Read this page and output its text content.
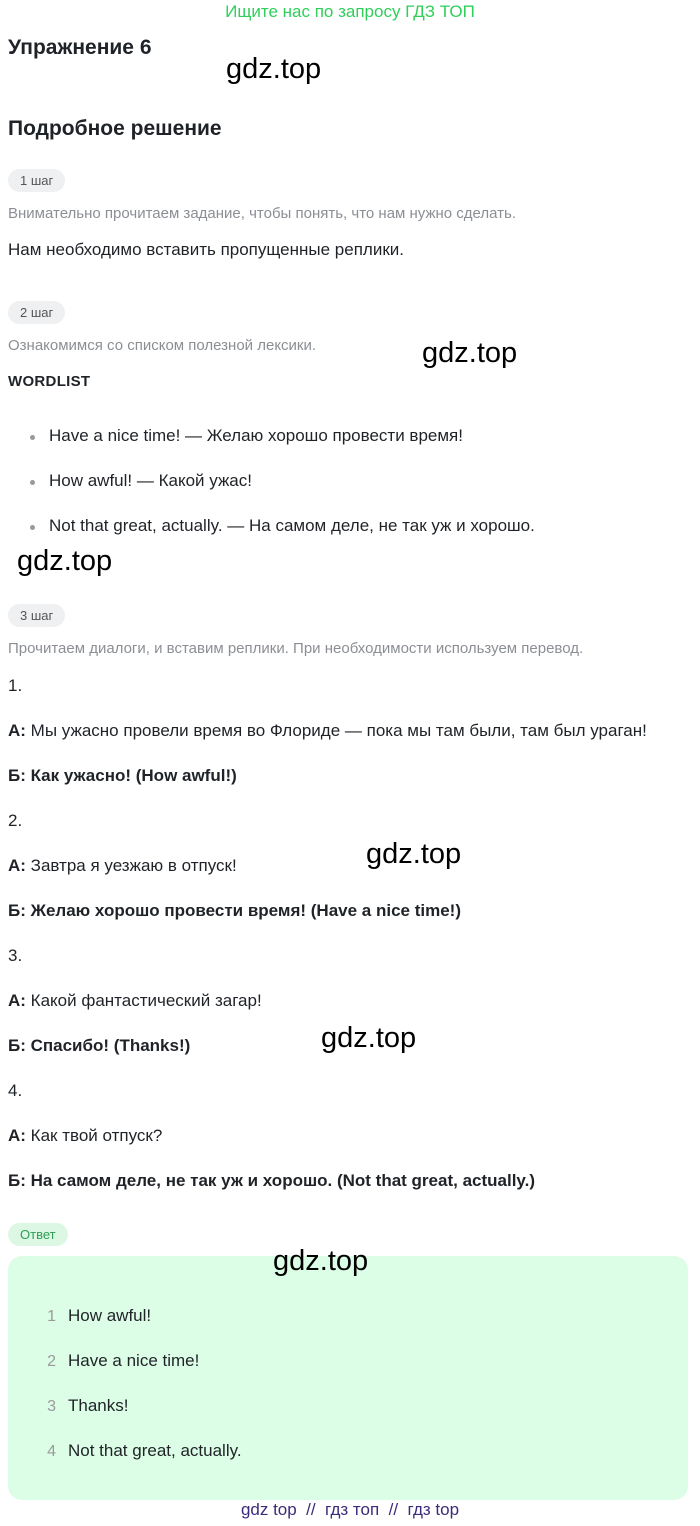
Ищите нас по запросу ГДЗ ТОП
Упражнение 6
gdz.top
Подробное решение
1 шаг
Внимательно прочитаем задание, чтобы понять, что нам нужно сделать.
Нам необходимо вставить пропущенные реплики.
2 шаг
Ознакомимся со списком полезной лексики.	gdz.top
WORDLIST
Have a nice time! — Желаю хорошо провести время!
How awful! — Какой ужас!
Not that great, actually. — На самом деле, не так уж и хорошо.
gdz.top
3 шаг
Прочитаем диалоги, и вставим реплики. При необходимости используем перевод.
1.
А: Мы ужасно провели время во Флориде — пока мы там были, там был ураган!
Б: Как ужасно! (How awful!)
2.
gdz.top
А: Завтра я уезжаю в отпуск!
Б: Желаю хорошо провести время! (Have a nice time!)
3.
А: Какой фантастический загар!
gdz.top
Б: Спасибо! (Thanks!)
4.
А: Как твой отпуск?
Б: На самом деле, не так уж и хорошо. (Not that great, actually.)
Ответ
gdz.top
1 How awful!
2 Have a nice time!
3 Thanks!
4 Not that great, actually.
gdz top  //  гдз топ  //  гдз top
